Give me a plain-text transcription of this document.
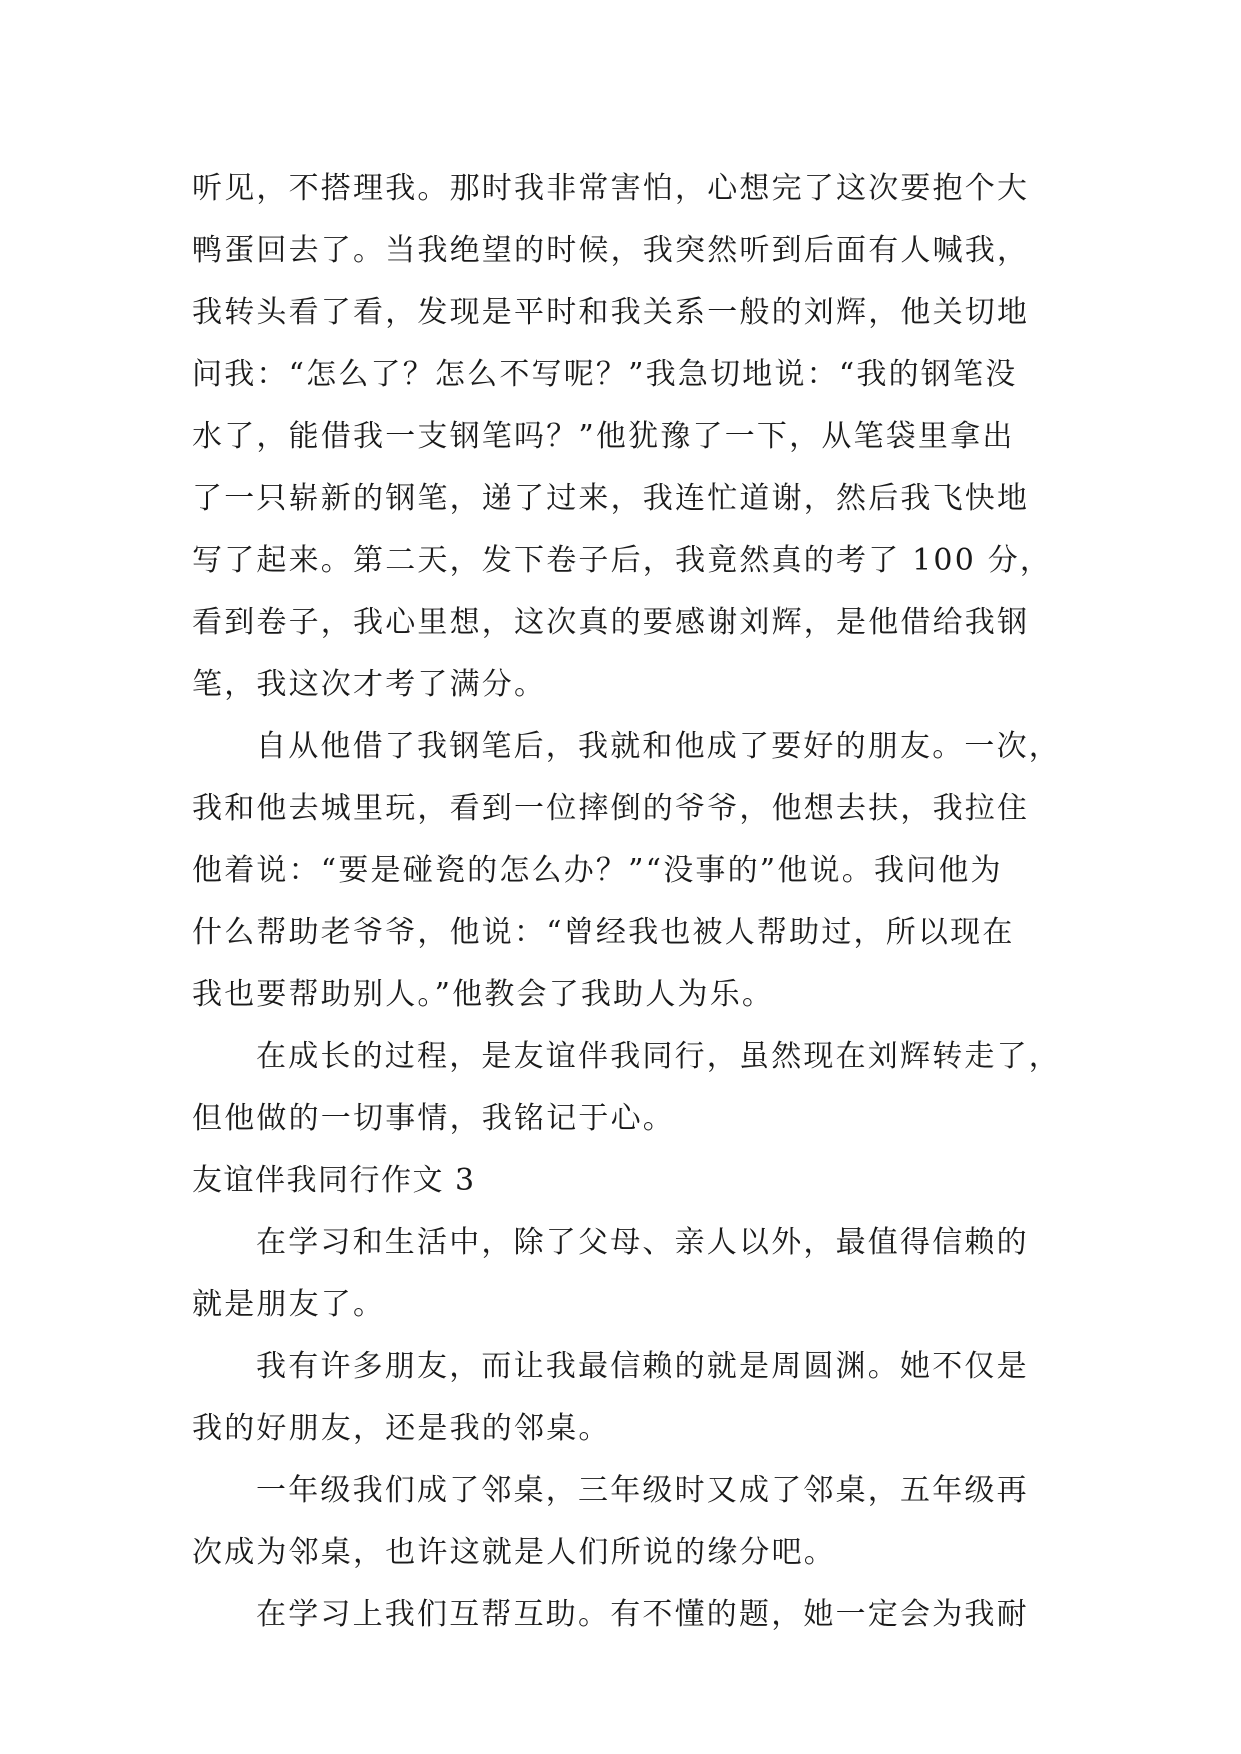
听见，不搭理我。那时我非常害怕，心想完了这次要抱个大
鸭蛋回去了。当我绝望的时候，我突然听到后面有人喊我，
我转头看了看，发现是平时和我关系一般的刘辉，他关切地
问我：“怎么了？怎么不写呢？”我急切地说：“我的钢笔没
水了，能借我一支钢笔吗？”他犹豫了一下，从笔袋里拿出
了一只崭新的钢笔，递了过来，我连忙道谢，然后我飞快地
写了起来。第二天，发下卷子后，我竟然真的考了 100 分，
看到卷子，我心里想，这次真的要感谢刘辉，是他借给我钢
笔，我这次才考了满分。
自从他借了我钢笔后，我就和他成了要好的朋友。一次，
我和他去城里玩，看到一位摔倒的爷爷，他想去扶，我拉住
他着说：“要是碰瓷的怎么办？”“没事的”他说。我问他为
什么帮助老爷爷，他说：“曾经我也被人帮助过，所以现在
我也要帮助别人。”他教会了我助人为乐。
在成长的过程，是友谊伴我同行，虽然现在刘辉转走了，
但他做的一切事情，我铭记于心。
友谊伴我同行作文 3
在学习和生活中，除了父母、亲人以外，最值得信赖的
就是朋友了。
我有许多朋友，而让我最信赖的就是周圆渊。她不仅是
我的好朋友，还是我的邻桌。
一年级我们成了邻桌，三年级时又成了邻桌，五年级再
次成为邻桌，也许这就是人们所说的缘分吧。
在学习上我们互帮互助。有不懂的题，她一定会为我耐
